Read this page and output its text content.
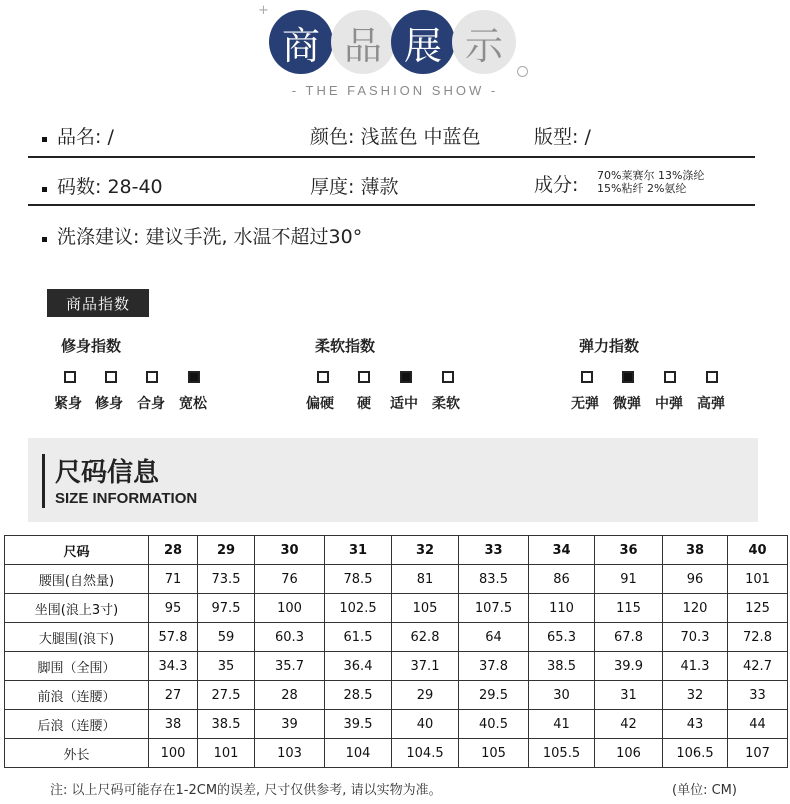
+
商 品 展 示
- THE FASHION SHOW -
品名: /	颜色: 浅蓝色 中蓝色	版型: /
码数: 28-40	厚度: 薄款	成分: 70%莱赛尔 13%涤纶
15%粘纤 2%氨纶
洗涤建议: 建议手洗, 水温不超过30°
商品指数
修身指数	柔软指数	弹力指数
紧身 修身 合身 宽松	偏硬 硬 适中 柔软	无弹 微弹 中弹 高弹
尺码信息
SIZE INFORMATION
尺码	28	29	30	31	32	33	34	36	38	40
腰围(自然量)	71	73.5	76	78.5	81	83.5	86	91	96	101
坐围(浪上3寸)	95	97.5	100	102.5	105	107.5	110	115	120	125
大腿围(浪下)	57.8	59	60.3	61.5	62.8	64	65.3	67.8	70.3	72.8
脚围（全围）	34.3	35	35.7	36.4	37.1	37.8	38.5	39.9	41.3	42.7
前浪（连腰）	27	27.5	28	28.5	29	29.5	30	31	32	33
后浪（连腰）	38	38.5	39	39.5	40	40.5	41	42	43	44
外长	100	101	103	104	104.5	105	105.5	106	106.5	107
注: 以上尺码可能存在1-2CM的误差, 尺寸仅供参考, 请以实物为准。	(单位: CM)
